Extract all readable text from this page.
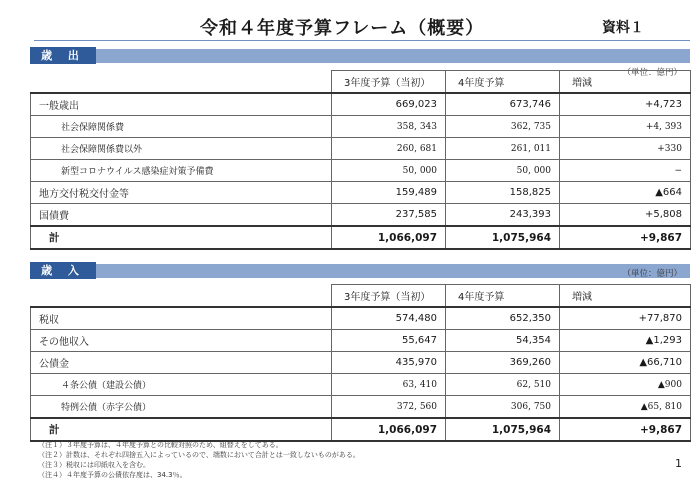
令和４年度予算フレーム（概要）	資料１
歳 出
（単位：億円）
	3年度予算（当初）	4年度予算	増減
一般歳出	669,023	673,746	+4,723
社会保障関係費	358, 343	362, 735	+4, 393
社会保障関係費以外	260, 681	261, 011	+330
新型コロナウイルス感染症対策予備費	50, 000	50, 000	−
地方交付税交付金等	159,489	158,825	▲664
国債費	237,585	243,393	+5,808
計	1,066,097	1,075,964	+9,867
歳 入	（単位：億円）
	3年度予算（当初）	4年度予算	増減
税収	574,480	652,350	+77,870
その他収入	55,647	54,354	▲1,293
公債金	435,970	369,260	▲66,710
４条公債（建設公債）	63, 410	62, 510	▲900
特例公債（赤字公債）	372, 560	306, 750	▲65, 810
計	1,066,097	1,075,964	+9,867
（注１）３年度予算は、４年度予算との比較対照のため、組替えをしてある。
（注２）計数は、それぞれ四捨五入によっているので、端数において合計とは一致しないものがある。
（注３）税収には印紙収入を含む。
（注４）４年度予算の公債依存度は、34.3％。
1
